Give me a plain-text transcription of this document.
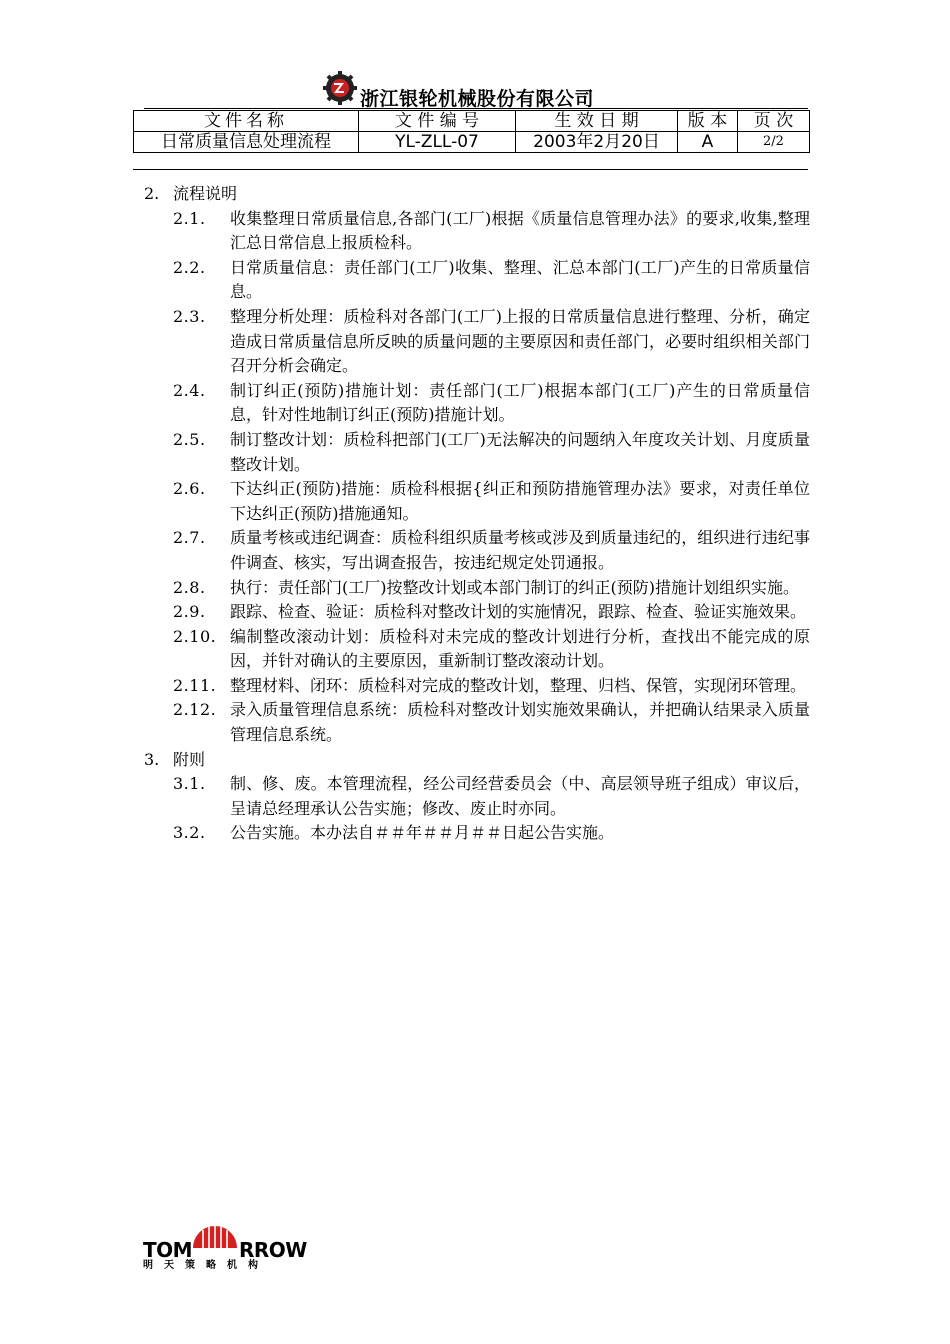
浙江银轮机械股份有限公司
文件名称	文 件 编 号	生 效 日 期	版 本	页 次
日常质量信息处理流程	YL-ZLL-07	2003年2月20日	A	2/2
2. 流程说明
2.1.	收集整理日常质量信息,各部门(工厂)根据《质量信息管理办法》的要求,收集,整理汇总日常信息上报质检科。
2.2.	日常质量信息：责任部门(工厂)收集、整理、汇总本部门(工厂)产生的日常质量信息。
2.3.	整理分析处理：质检科对各部门(工厂)上报的日常质量信息进行整理、分析，确定造成日常质量信息所反映的质量问题的主要原因和责任部门，必要时组织相关部门召开分析会确定。
2.4.	制订纠正(预防)措施计划：责任部门(工厂)根据本部门(工厂)产生的日常质量信息，针对性地制订纠正(预防)措施计划。
2.5.	制订整改计划：质检科把部门(工厂)无法解决的问题纳入年度攻关计划、月度质量整改计划。
2.6.	下达纠正(预防)措施：质检科根据{纠正和预防措施管理办法》要求，对责任单位下达纠正(预防)措施通知。
2.7.	质量考核或违纪调查：质检科组织质量考核或涉及到质量违纪的，组织进行违纪事件调查、核实，写出调查报告，按违纪规定处罚通报。
2.8.	执行：责任部门(工厂)按整改计划或本部门制订的纠正(预防)措施计划组织实施。
2.9.	跟踪、检查、验证：质检科对整改计划的实施情况，跟踪、检查、验证实施效果。
2.10. 编制整改滚动计划：质检科对未完成的整改计划进行分析，查找出不能完成的原因，并针对确认的主要原因，重新制订整改滚动计划。
2.11. 整理材料、闭环：质检科对完成的整改计划，整理、归档、保管，实现闭环管理。
2.12. 录入质量管理信息系统：质检科对整改计划实施效果确认，并把确认结果录入质量管理信息系统。
3. 附则
3.1.	制、修、废。本管理流程，经公司经营委员会（中、高层领导班子组成）审议后，呈请总经理承认公告实施；修改、废止时亦同。
3.2.	公告实施。本办法自＃＃年＃＃月＃＃日起公告实施。
TOM RROW
明天策略机构
